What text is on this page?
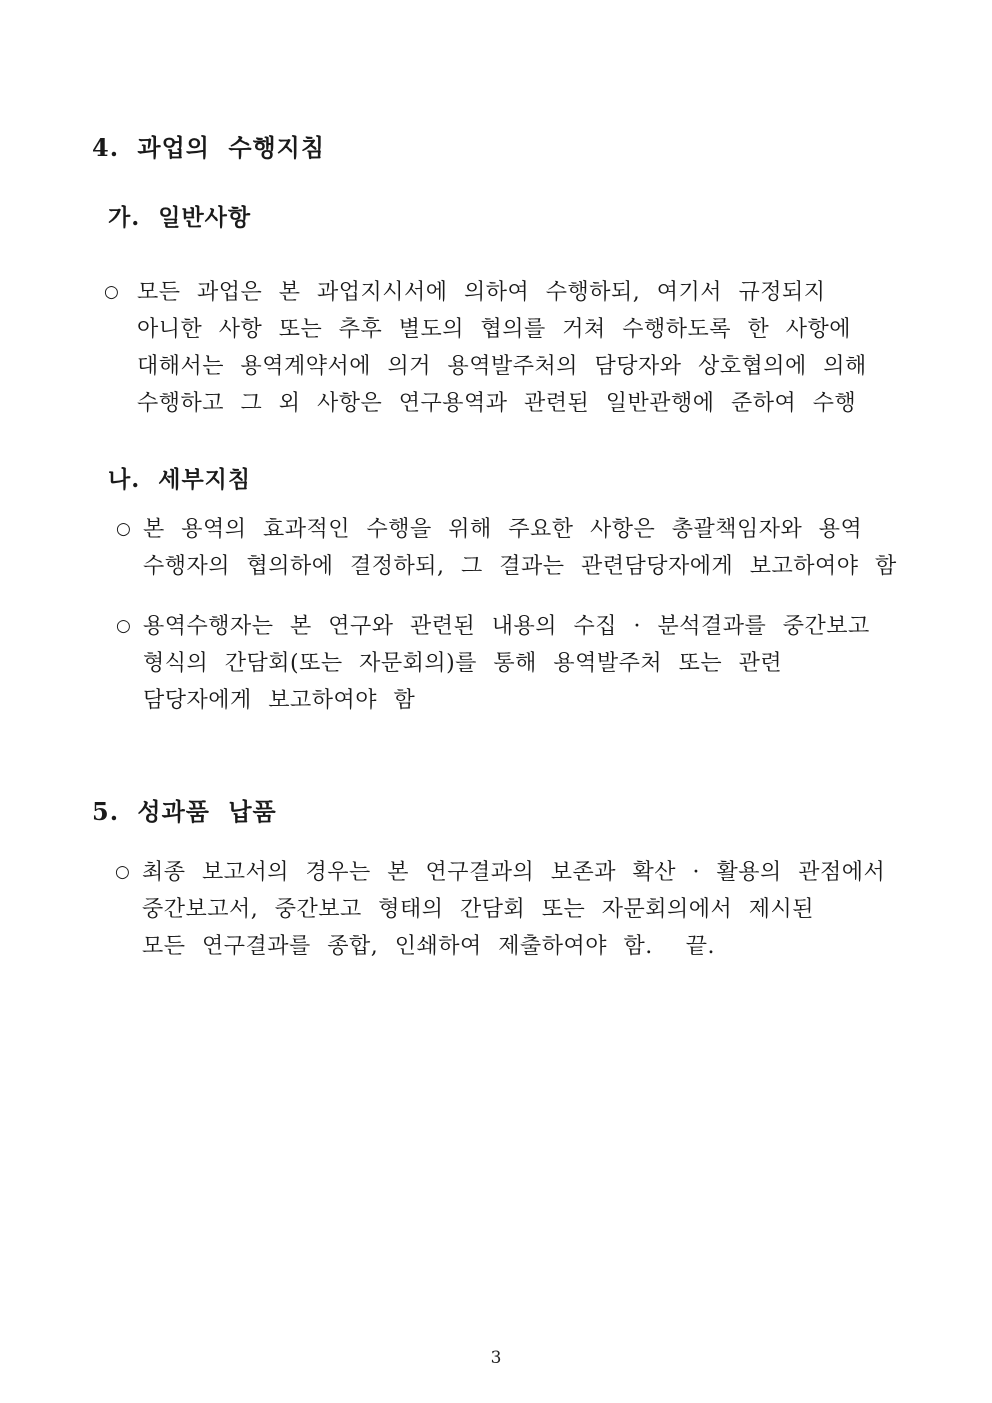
4. 과업의 수행지침
가. 일반사항
○ 모든 과업은 본 과업지시서에 의하여 수행하되, 여기서 규정되지
아니한 사항 또는 추후 별도의 협의를 거쳐 수행하도록 한 사항에
대해서는 용역계약서에 의거 용역발주처의 담당자와 상호협의에 의해
수행하고 그 외 사항은 연구용역과 관련된 일반관행에 준하여 수행
나. 세부지침
○ 본 용역의 효과적인 수행을 위해 주요한 사항은 총괄책임자와 용역
수행자의 협의하에 결정하되, 그 결과는 관련담당자에게 보고하여야 함
○ 용역수행자는 본 연구와 관련된 내용의 수집 · 분석결과를 중간보고
형식의 간담회(또는 자문회의)를 통해 용역발주처 또는 관련
담당자에게 보고하여야 함
5. 성과품 납품
○ 최종 보고서의 경우는 본 연구결과의 보존과 확산 · 활용의 관점에서
중간보고서, 중간보고 형태의 간담회 또는 자문회의에서 제시된
모든 연구결과를 종합, 인쇄하여 제출하여야 함.  끝.
3
